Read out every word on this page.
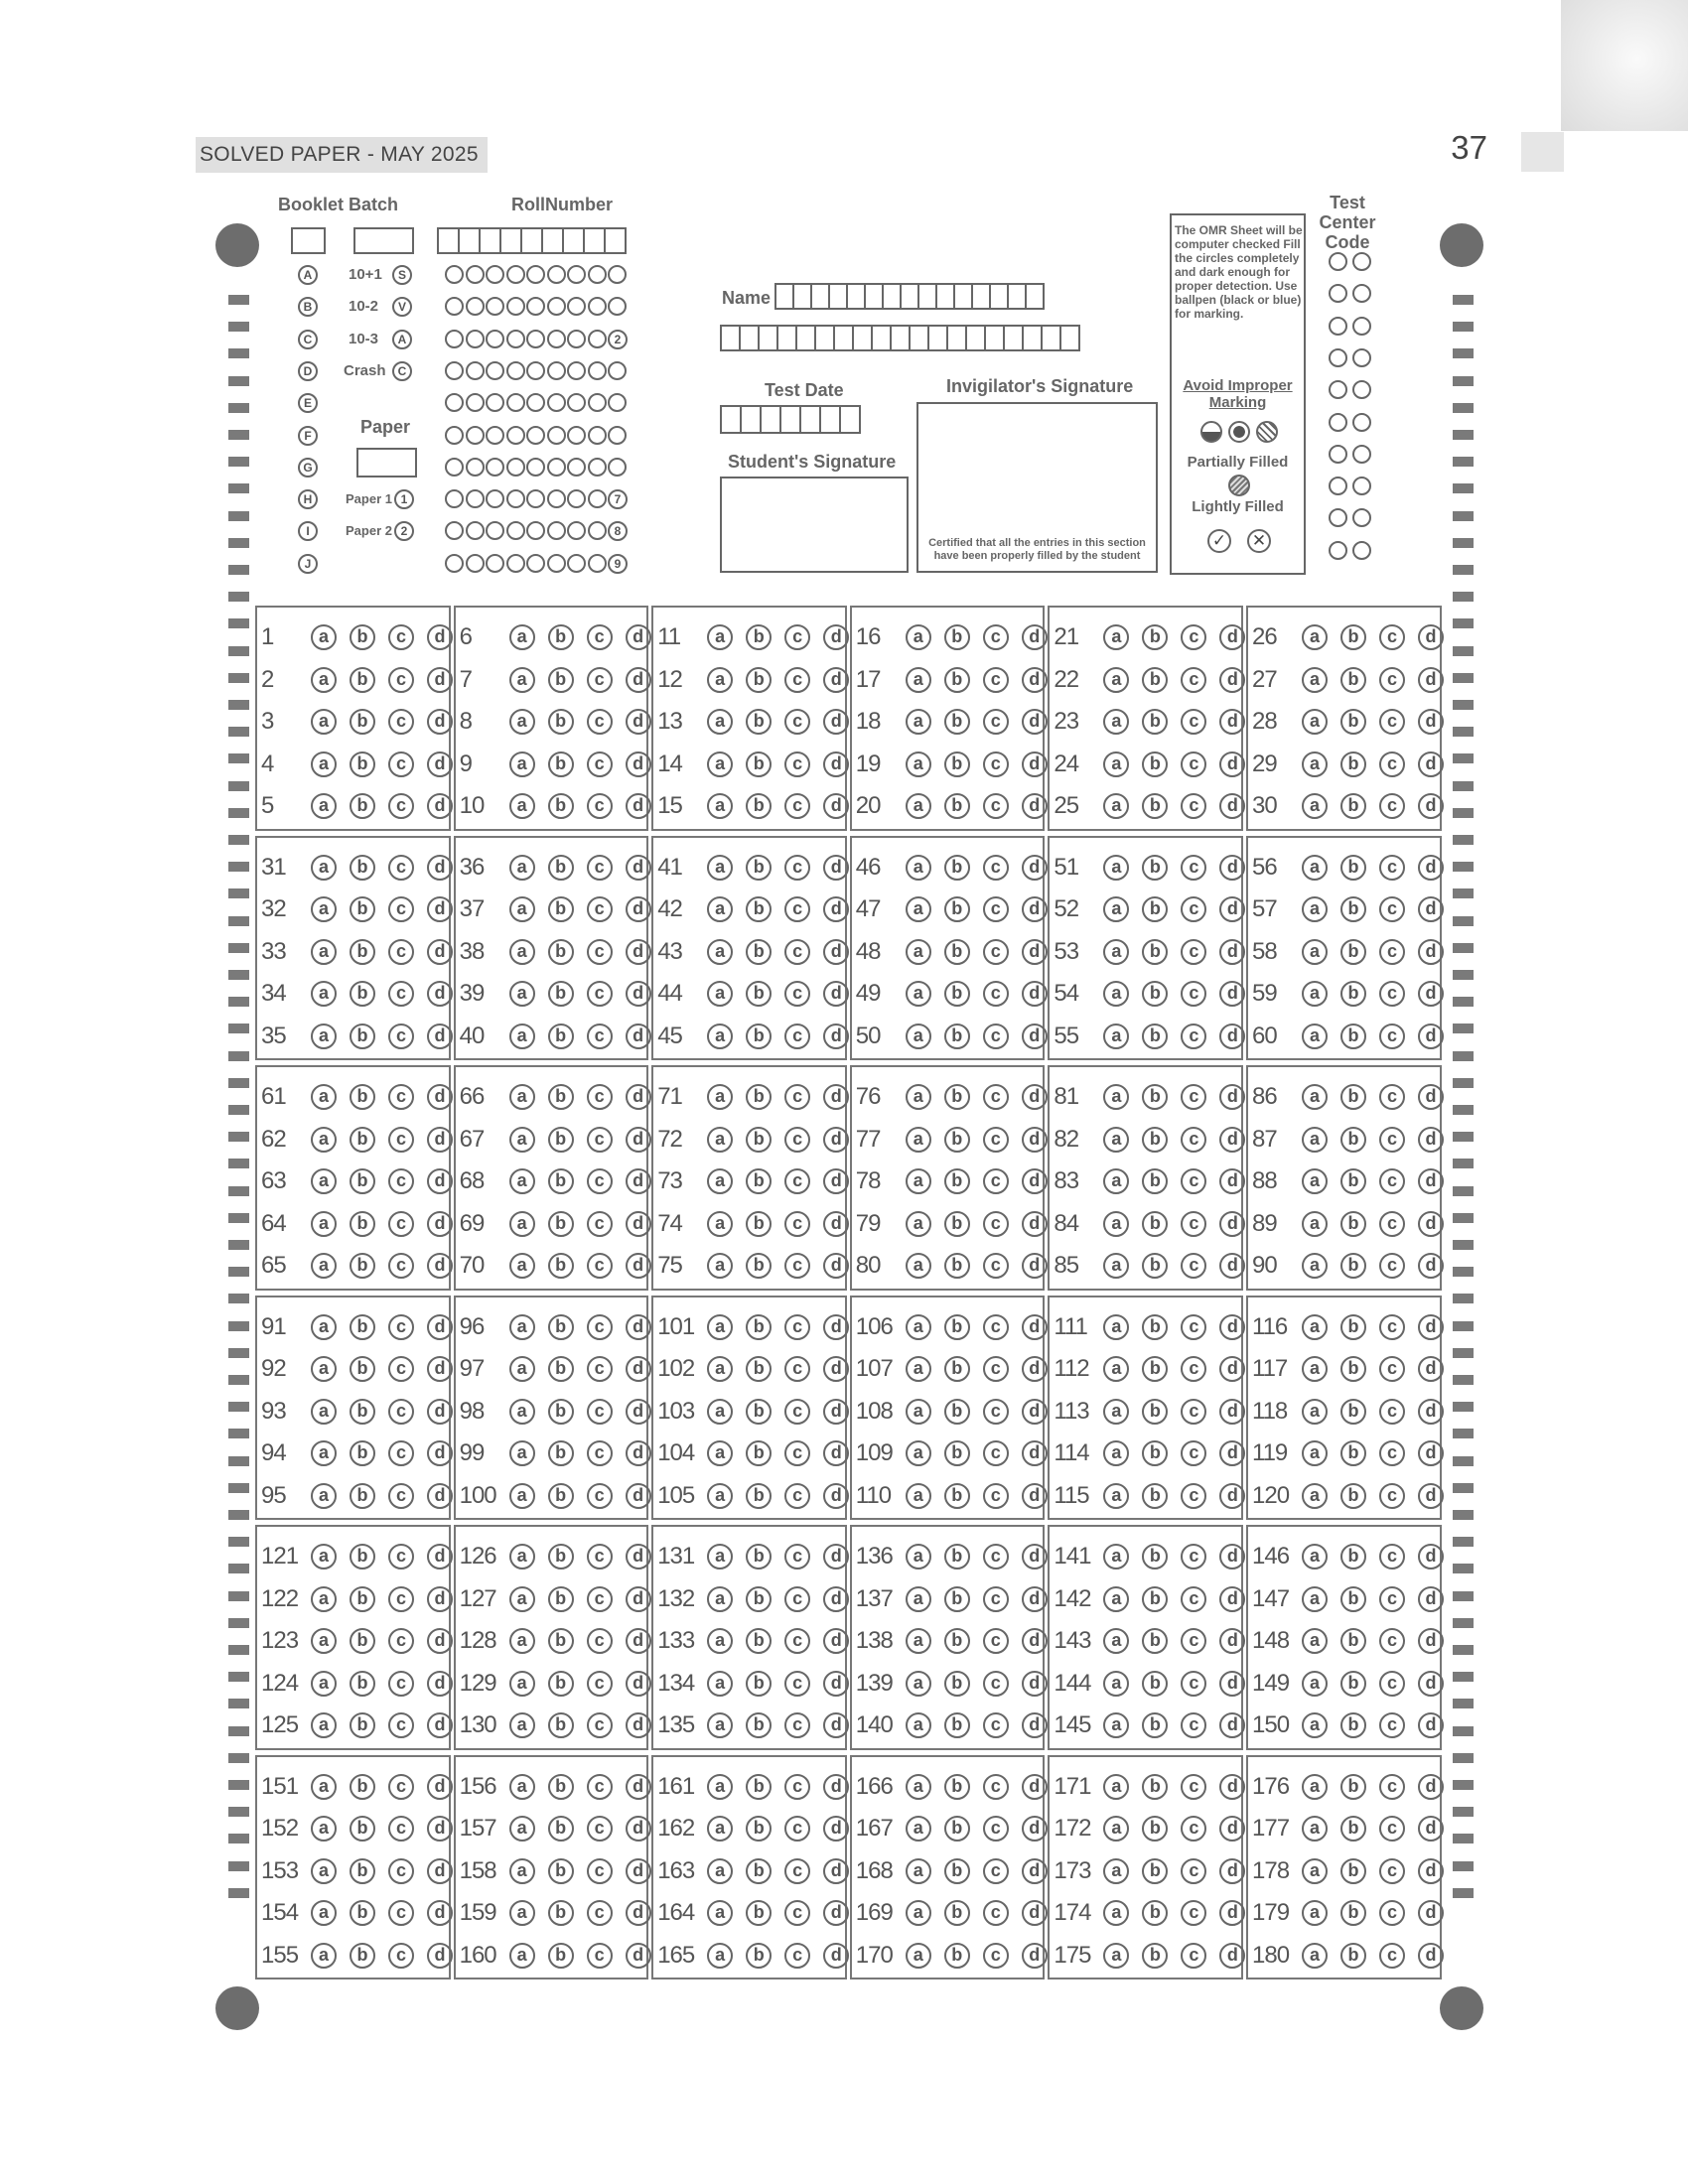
SOLVED PAPER - MAY 2025	37
Booklet Batch	RollNumber
2
7
8
9
A
B
C
D
E
F
G
H
I
J
10+1	S
10-2	V
10-3	A
Crash	C
Paper
Paper 1 1
Paper 2 2
Name
Test Date
Student's Signature
Invigilator's Signature
Certified that all the entries in this section have been properly filled by the student
The OMR Sheet will be computer checked Fill the circles completely and dark enough for proper detection. Use ballpen (black or blue) for marking.
Avoid Improper Marking
Partially Filled
Lightly Filled
✓ ✕
Test Center Code
1	a	b	c	d
2	a	b	c	d
3	a	b	c	d
4	a	b	c	d
5	a	b	c	d
6	a	b	c	d
7	a	b	c	d
8	a	b	c	d
9	a	b	c	d
10	a	b	c	d
11	a	b	c	d
12	a	b	c	d
13	a	b	c	d
14	a	b	c	d
15	a	b	c	d
16	a	b	c	d
17	a	b	c	d
18	a	b	c	d
19	a	b	c	d
20	a	b	c	d
21	a	b	c	d
22	a	b	c	d
23	a	b	c	d
24	a	b	c	d
25	a	b	c	d
26	a	b	c	d
27	a	b	c	d
28	a	b	c	d
29	a	b	c	d
30	a	b	c	d
31	a	b	c	d
32	a	b	c	d
33	a	b	c	d
34	a	b	c	d
35	a	b	c	d
36	a	b	c	d
37	a	b	c	d
38	a	b	c	d
39	a	b	c	d
40	a	b	c	d
41	a	b	c	d
42	a	b	c	d
43	a	b	c	d
44	a	b	c	d
45	a	b	c	d
46	a	b	c	d
47	a	b	c	d
48	a	b	c	d
49	a	b	c	d
50	a	b	c	d
51	a	b	c	d
52	a	b	c	d
53	a	b	c	d
54	a	b	c	d
55	a	b	c	d
56	a	b	c	d
57	a	b	c	d
58	a	b	c	d
59	a	b	c	d
60	a	b	c	d
61	a	b	c	d
62	a	b	c	d
63	a	b	c	d
64	a	b	c	d
65	a	b	c	d
66	a	b	c	d
67	a	b	c	d
68	a	b	c	d
69	a	b	c	d
70	a	b	c	d
71	a	b	c	d
72	a	b	c	d
73	a	b	c	d
74	a	b	c	d
75	a	b	c	d
76	a	b	c	d
77	a	b	c	d
78	a	b	c	d
79	a	b	c	d
80	a	b	c	d
81	a	b	c	d
82	a	b	c	d
83	a	b	c	d
84	a	b	c	d
85	a	b	c	d
86	a	b	c	d
87	a	b	c	d
88	a	b	c	d
89	a	b	c	d
90	a	b	c	d
91	a	b	c	d
92	a	b	c	d
93	a	b	c	d
94	a	b	c	d
95	a	b	c	d
96	a	b	c	d
97	a	b	c	d
98	a	b	c	d
99	a	b	c	d
100	a	b	c	d
101	a	b	c	d
102	a	b	c	d
103	a	b	c	d
104	a	b	c	d
105	a	b	c	d
106	a	b	c	d
107	a	b	c	d
108	a	b	c	d
109	a	b	c	d
110	a	b	c	d
111	a	b	c	d
112	a	b	c	d
113	a	b	c	d
114	a	b	c	d
115	a	b	c	d
116	a	b	c	d
117	a	b	c	d
118	a	b	c	d
119	a	b	c	d
120	a	b	c	d
121	a	b	c	d
122	a	b	c	d
123	a	b	c	d
124	a	b	c	d
125	a	b	c	d
126	a	b	c	d
127	a	b	c	d
128	a	b	c	d
129	a	b	c	d
130	a	b	c	d
131	a	b	c	d
132	a	b	c	d
133	a	b	c	d
134	a	b	c	d
135	a	b	c	d
136	a	b	c	d
137	a	b	c	d
138	a	b	c	d
139	a	b	c	d
140	a	b	c	d
141	a	b	c	d
142	a	b	c	d
143	a	b	c	d
144	a	b	c	d
145	a	b	c	d
146	a	b	c	d
147	a	b	c	d
148	a	b	c	d
149	a	b	c	d
150	a	b	c	d
151	a	b	c	d
152	a	b	c	d
153	a	b	c	d
154	a	b	c	d
155	a	b	c	d
156	a	b	c	d
157	a	b	c	d
158	a	b	c	d
159	a	b	c	d
160	a	b	c	d
161	a	b	c	d
162	a	b	c	d
163	a	b	c	d
164	a	b	c	d
165	a	b	c	d
166	a	b	c	d
167	a	b	c	d
168	a	b	c	d
169	a	b	c	d
170	a	b	c	d
171	a	b	c	d
172	a	b	c	d
173	a	b	c	d
174	a	b	c	d
175	a	b	c	d
176	a	b	c	d
177	a	b	c	d
178	a	b	c	d
179	a	b	c	d
180	a	b	c	d
